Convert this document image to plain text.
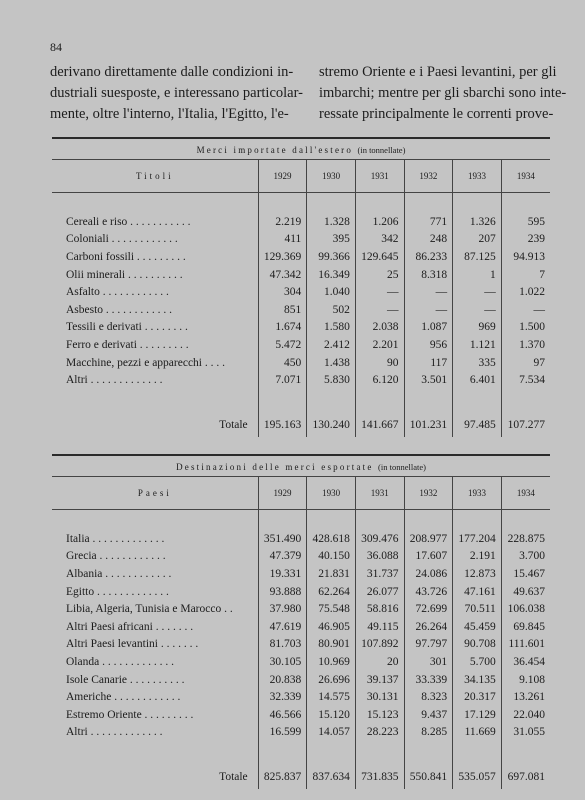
84
derivano direttamente dalle condizioni in-
dustriali suesposte, e interessano particolar-
mente, oltre l'interno, l'Italia, l'Egitto, l'e-
stremo Oriente e i Paesi levantini, per gli
imbarchi; mentre per gli sbarchi sono inte-
ressate principalmente le correnti prove-
Merci importate dall'estero (in tonnellate)
Titoli	1929	1930	1931	1932	1933	1934

Cereali e riso . . . . . . . . . . .	2.219	1.328	1.206	771	1.326	595
Coloniali . . . . . . . . . . . .	411	395	342	248	207	239
Carboni fossili . . . . . . . . .	129.369	99.366	129.645	86.233	87.125	94.913
Olii minerali . . . . . . . . . .	47.342	16.349	25	8.318	1	7
Asfalto . . . . . . . . . . . .	304	1.040	—	—	—	1.022
Asbesto . . . . . . . . . . . .	851	502	—	—	—	—
Tessili e derivati . . . . . . . .	1.674	1.580	2.038	1.087	969	1.500
Ferro e derivati . . . . . . . . .	5.472	2.412	2.201	956	1.121	1.370
Macchine, pezzi e apparecchi . . . .	450	1.438	90	117	335	97
Altri . . . . . . . . . . . . .	7.071	5.830	6.120	3.501	6.401	7.534

Totale	195.163	130.240	141.667	101.231	97.485	107.277
Destinazioni delle merci esportate (in tonnellate)
Paesi	1929	1930	1931	1932	1933	1934

Italia . . . . . . . . . . . . .	351.490	428.618	309.476	208.977	177.204	228.875
Grecia . . . . . . . . . . . .	47.379	40.150	36.088	17.607	2.191	3.700
Albania . . . . . . . . . . . .	19.331	21.831	31.737	24.086	12.873	15.467
Egitto . . . . . . . . . . . . .	93.888	62.264	26.077	43.726	47.161	49.637
Libia, Algeria, Tunisia e Marocco . .	37.980	75.548	58.816	72.699	70.511	106.038
Altri Paesi africani . . . . . . .	47.619	46.905	49.115	26.264	45.459	69.845
Altri Paesi levantini . . . . . . .	81.703	80.901	107.892	97.797	90.708	111.601
Olanda . . . . . . . . . . . . .	30.105	10.969	20	301	5.700	36.454
Isole Canarie . . . . . . . . . .	20.838	26.696	39.137	33.339	34.135	9.108
Americhe . . . . . . . . . . . .	32.339	14.575	30.131	8.323	20.317	13.261
Estremo Oriente . . . . . . . . .	46.566	15.120	15.123	9.437	17.129	22.040
Altri . . . . . . . . . . . . .	16.599	14.057	28.223	8.285	11.669	31.055

Totale	825.837	837.634	731.835	550.841	535.057	697.081
